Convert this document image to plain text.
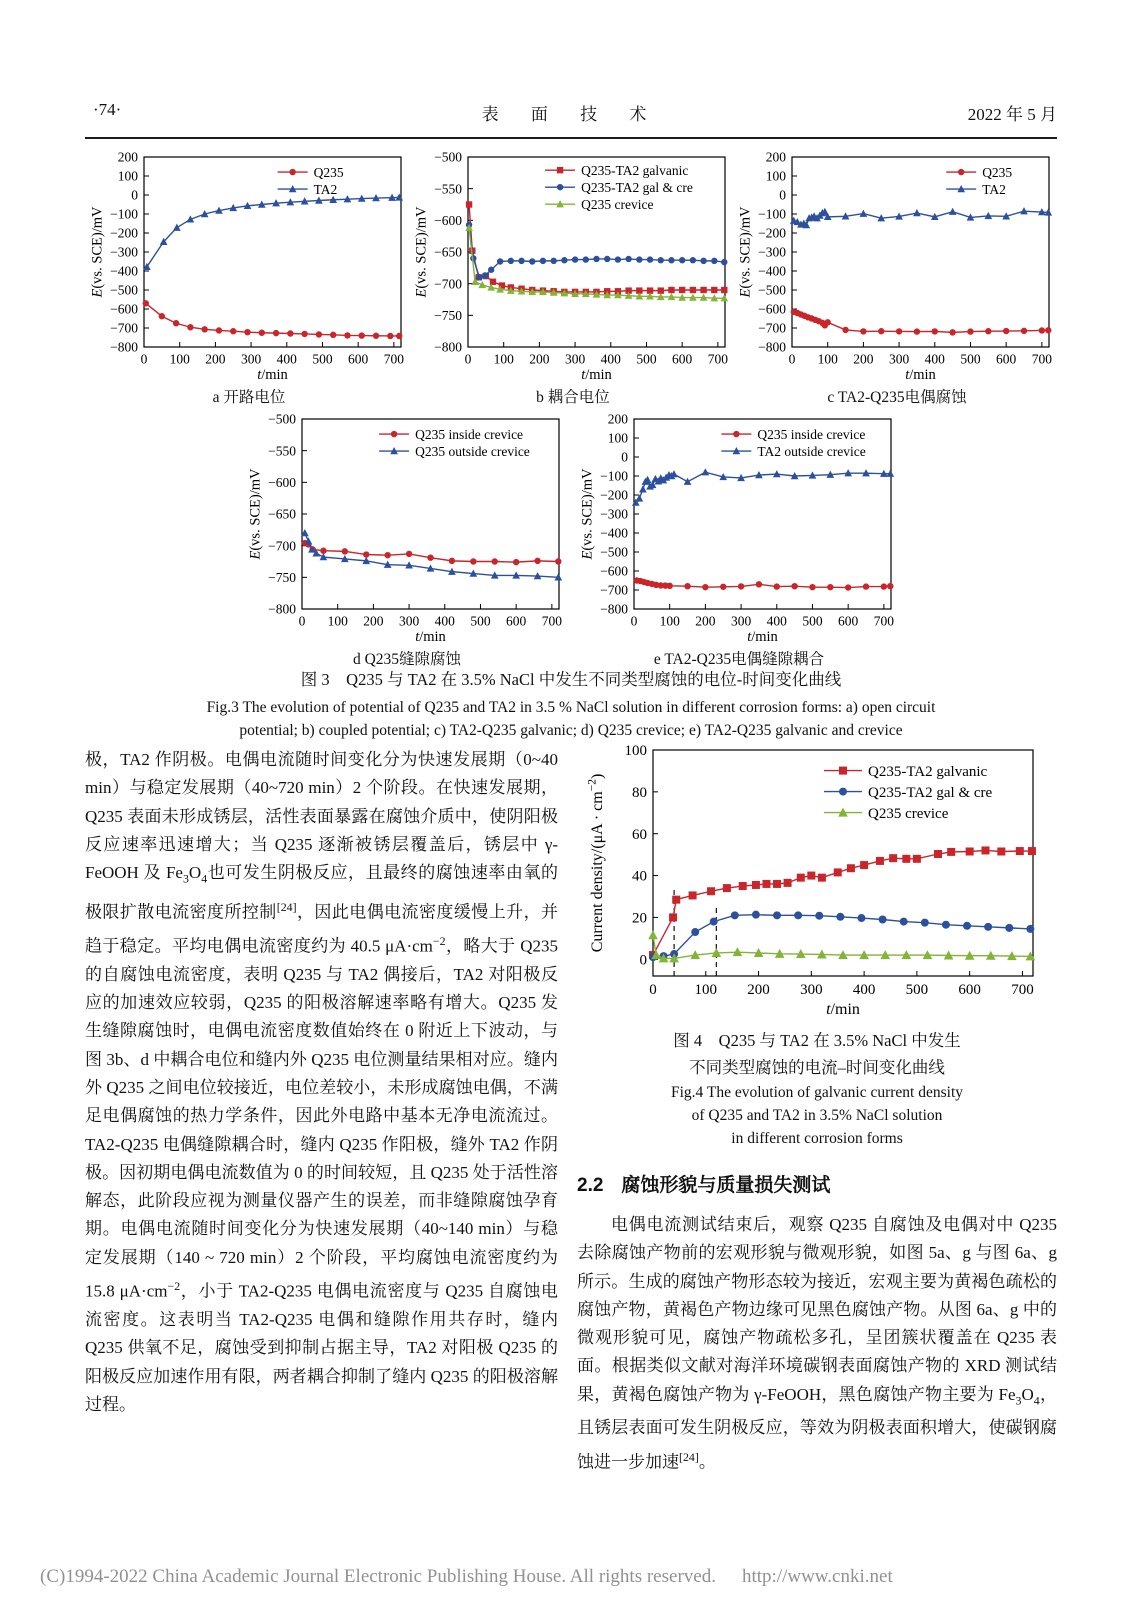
·74·	表 面 技 术	2022 年 5 月
0 100 200 300 400 500 600 700
200
100
0
−100
−200
−300
−400
−500
−600
−700
−800
t/min
E(vs. SCE)/mV
Q235
TA2
a 开路电位
0 100 200 300 400 500 600 700
−500
−550
−600
−650
−700
−750
−800
t/min
E(vs. SCE)/mV
Q235-TA2 galvanic
Q235-TA2 gal & cre
Q235 crevice
b 耦合电位
0 100 200 300 400 500 600 700
200
100
0
−100
−200
−300
−400
−500
−600
−700
−800
t/min
E(vs. SCE)/mV
Q235
TA2
c TA2-Q235电偶腐蚀
0 100 200 300 400 500 600 700
−500
−550
−600
−650
−700
−750
−800
t/min
E(vs. SCE)/mV
Q235 inside crevice
Q235 outside crevice
d Q235缝隙腐蚀
0 100 200 300 400 500 600 700
200
100
0
−100
−200
−300
−400
−500
−600
−700
−800
t/min
E(vs. SCE)/mV
Q235 inside crevice
TA2 outside crevice
e TA2-Q235电偶缝隙耦合
图 3　Q235 与 TA2 在 3.5% NaCl 中发生不同类型腐蚀的电位-时间变化曲线
Fig.3 The evolution of potential of Q235 and TA2 in 3.5 % NaCl solution in different corrosion forms: a) open circuit
potential; b) coupled potential; c) TA2-Q235 galvanic; d) Q235 crevice; e) TA2-Q235 galvanic and crevice
极，TA2 作阴极。电偶电流随时间变化分为快速发展期（0~40 min）与稳定发展期（40~720 min）2 个阶段。在快速发展期，Q235 表面未形成锈层，活性表面暴露在腐蚀介质中，使阴阳极反应速率迅速增大；当 Q235 逐渐被锈层覆盖后，锈层中 γ-FeOOH 及 $Fe_3O_4$也可发生阴极反应，且最终的腐蚀速率由氧的极限扩散电流密度所控制[24]，因此电偶电流密度缓慢上升，并趋于稳定。平均电偶电流密度约为 40.5 $\mu A\cdot cm^{-2}$，略大于 Q235 的自腐蚀电流密度，表明 Q235 与 TA2 偶接后，TA2 对阳极反应的加速效应较弱，Q235 的阳极溶解速率略有增大。Q235 发生缝隙腐蚀时，电偶电流密度数值始终在 0 附近上下波动，与图 3b、d 中耦合电位和缝内外 Q235 电位测量结果相对应。缝内外 Q235 之间电位较接近，电位差较小，未形成腐蚀电偶，不满足电偶腐蚀的热力学条件，因此外电路中基本无净电流流过。TA2-Q235 电偶缝隙耦合时，缝内 Q235 作阳极，缝外 TA2 作阴极。因初期电偶电流数值为 0 的时间较短，且 Q235 处于活性溶解态，此阶段应视为测量仪器产生的误差，而非缝隙腐蚀孕育期。电偶电流随时间变化分为快速发展期（40~140 min）与稳定发展期（140 ~ 720 min）2 个阶段，平均腐蚀电流密度约为 15.8 $\mu A\cdot cm^{-2}$，小于 TA2-Q235 电偶电流密度与 Q235 自腐蚀电流密度。这表明当 TA2-Q235 电偶和缝隙作用共存时，缝内 Q235 供氧不足，腐蚀受到抑制占据主导，TA2 对阳极 Q235 的阳极反应加速作用有限，两者耦合抑制了缝内 Q235 的阳极溶解过程。
0	100 200 300 400 500 600 700
0
20
40
60
80
100
t/min
Current density/(μA · $cm^{-2}$)	Q235-TA2 galvanic
Q235-TA2 gal & cre
Q235 crevice
图 4　Q235 与 TA2 在 3.5% NaCl 中发生
不同类型腐蚀的电流–时间变化曲线
Fig.4 The evolution of galvanic current density
of Q235 and TA2 in 3.5% NaCl solution
in different corrosion forms
2.2 腐蚀形貌与质量损失测试
电偶电流测试结束后，观察 Q235 自腐蚀及电偶对中 Q235 去除腐蚀产物前的宏观形貌与微观形貌，如图 5a、g 与图 6a、g 所示。生成的腐蚀产物形态较为接近，宏观主要为黄褐色疏松的腐蚀产物，黄褐色产物边缘可见黑色腐蚀产物。从图 6a、g 中的微观形貌可见，腐蚀产物疏松多孔，呈团簇状覆盖在 Q235 表面。根据类似文献对海洋环境碳钢表面腐蚀产物的 XRD 测试结果，黄褐色腐蚀产物为 γ-FeOOH，黑色腐蚀产物主要为 $Fe_3O_4$，且锈层表面可发生阴极反应，等效为阴极表面积增大，使碳钢腐蚀进一步加速[24]。
(C)1994-2022 China Academic Journal Electronic Publishing House. All rights reserved. http://www.cnki.net
